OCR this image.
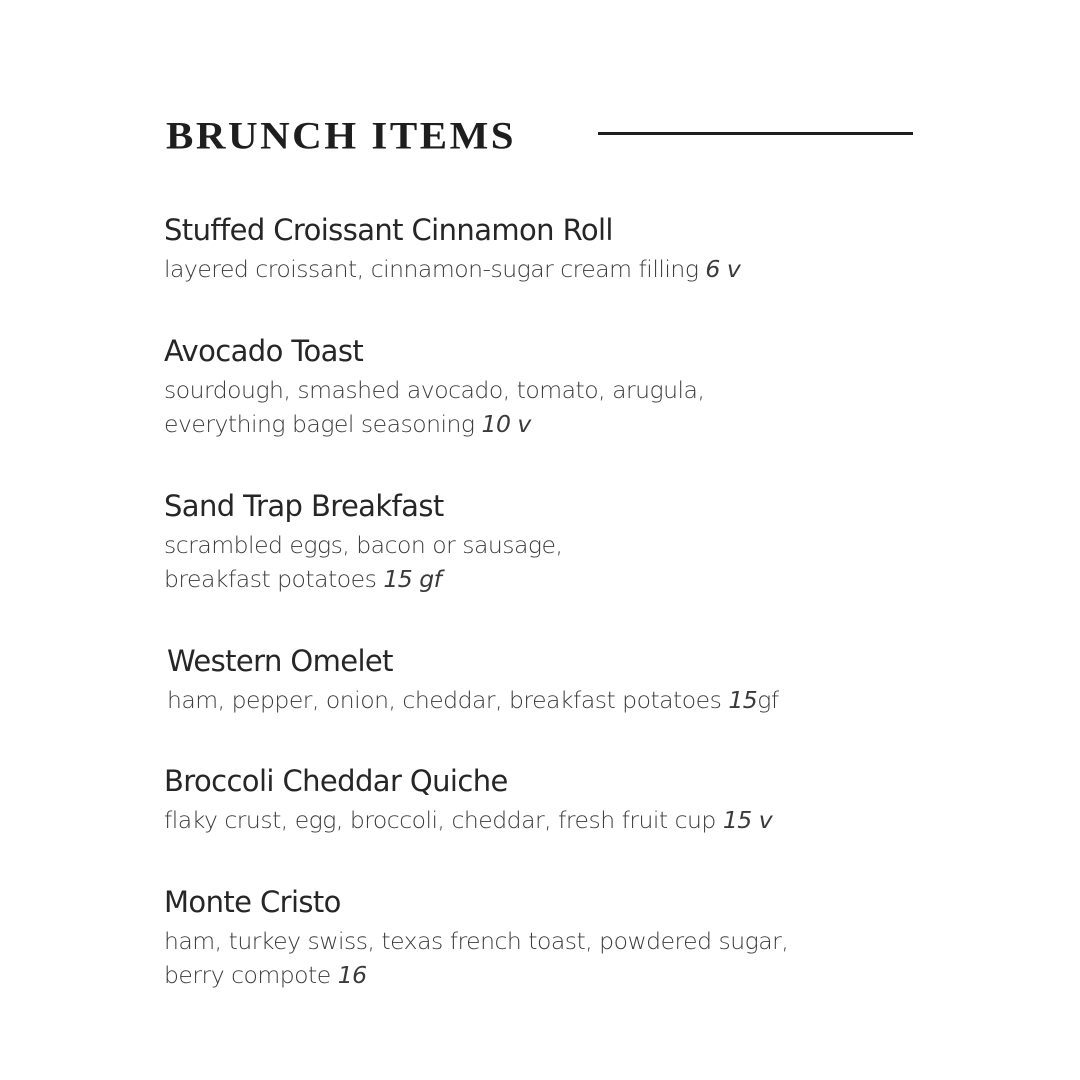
BRUNCH ITEMS
Stuffed Croissant Cinnamon Roll
layered croissant, cinnamon-sugar cream filling 6 v
Avocado Toast
sourdough, smashed avocado, tomato, arugula,
everything bagel seasoning 10 v
Sand Trap Breakfast
scrambled eggs, bacon or sausage,
breakfast potatoes 15 gf
Western Omelet
ham, pepper, onion, cheddar, breakfast potatoes 15gf
Broccoli Cheddar Quiche
flaky crust, egg, broccoli, cheddar, fresh fruit cup 15 v
Monte Cristo
ham, turkey swiss, texas french toast, powdered sugar,
berry compote 16
